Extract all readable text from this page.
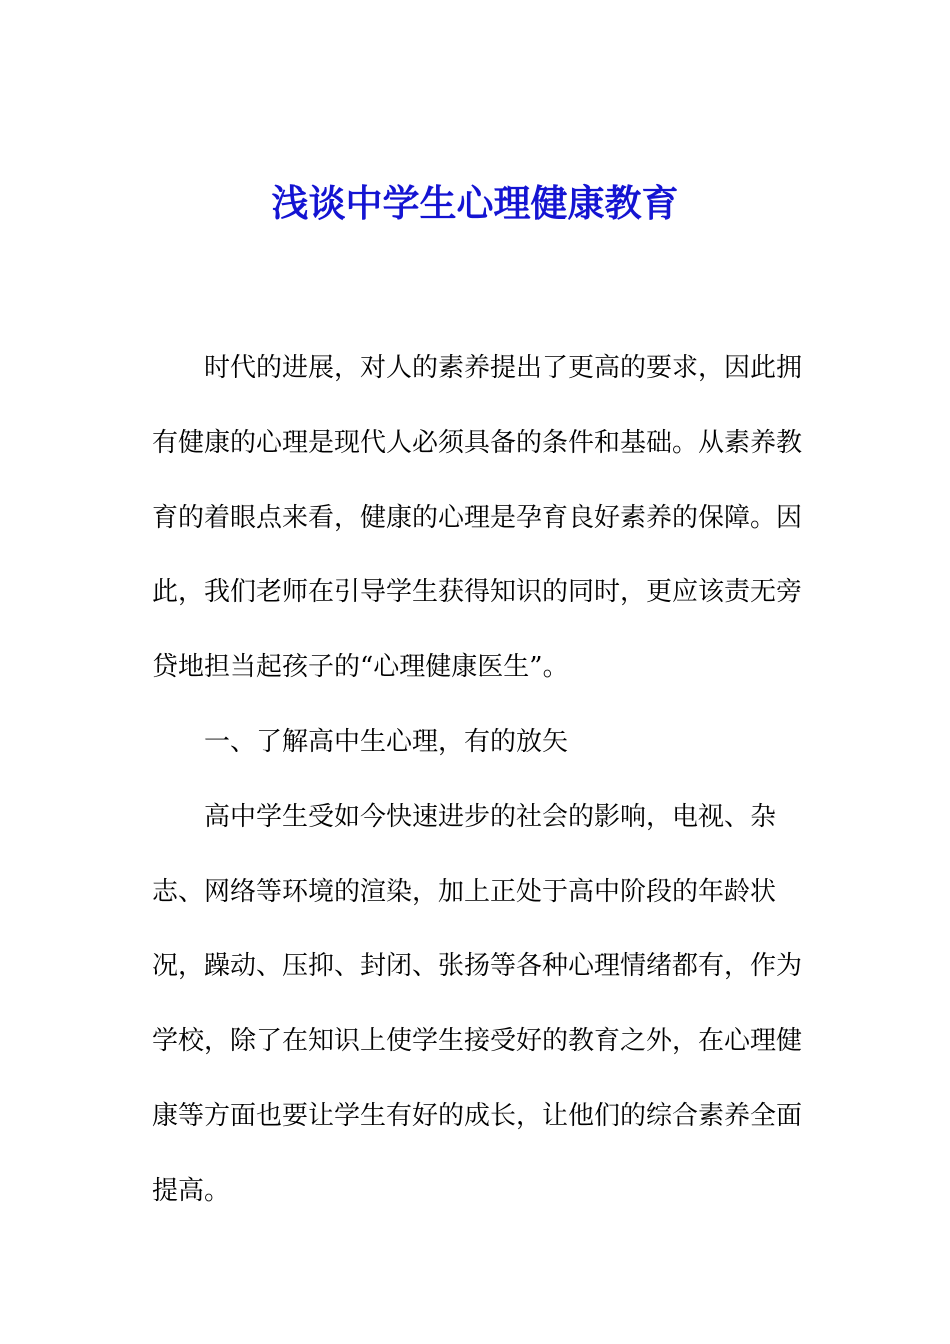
浅谈中学生心理健康教育
时代的进展，对人的素养提出了更高的要求，因此拥
有健康的心理是现代人必须具备的条件和基础。从素养教
育的着眼点来看，健康的心理是孕育良好素养的保障。因
此，我们老师在引导学生获得知识的同时，更应该责无旁
贷地担当起孩子的“心理健康医生”。
一、了解高中生心理，有的放矢
高中学生受如今快速进步的社会的影响，电视、杂
志、网络等环境的渲染，加上正处于高中阶段的年龄状
况，躁动、压抑、封闭、张扬等各种心理情绪都有，作为
学校，除了在知识上使学生接受好的教育之外，在心理健
康等方面也要让学生有好的成长，让他们的综合素养全面
提高。
